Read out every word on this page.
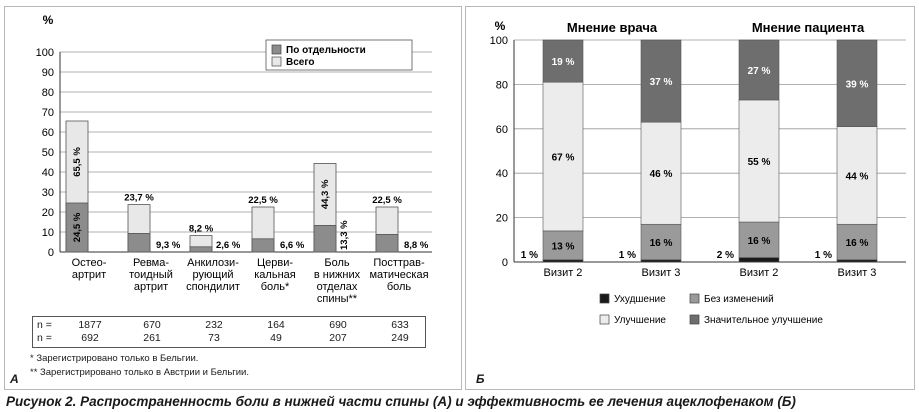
0
10
20
30
40
50
60
70
80
90
100
%
65,5 %
24,5 %
Остео-артрит
23,7 %
9,3 %
Ревма-тоидный артрит
8,2 %
2,6 %
Анкилози-рующий спондилит
22,5 %
6,6 %
Церви-кальная боль*
44,3 %
13,3 %
Боль в нижних отделах спины**
22,5 %
8,8 %
Посттрав-матическая боль
По отдельности
Всего
0
20
40
60
80
100
%
1 %
13 %
67 %
19 %
Визит 2
1 %
16 %
46 %
37 %
Визит 3
2 %
16 %
55 %
27 %
Визит 2
1 %
16 %
44 %
39 %
Визит 3
Мнение врача	Мнение пациента
Ухудшение	Без изменений
Улучшение	Значительное улучшение
n =
n =
1877	670	232	164	690	633
692	261	73	49	207	249
* Зарегистрировано только в Бельгии.
** Зарегистрировано только в Австрии и Бельгии.
А	Б
Рисунок 2. Распространенность боли в нижней части спины (А) и эффективность ее лечения ацеклофенаком (Б)
